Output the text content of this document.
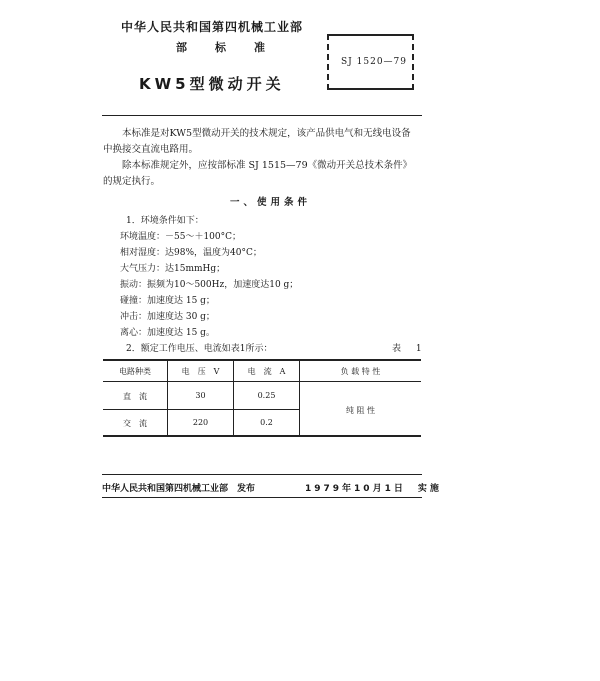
中华人民共和国第四机械工业部
部标准
SJ 1520—79
KW5型微动开关

本标准是对KW5型微动开关的技术规定，该产品供电气和无线电设备中换接交直流电路用。

除本标准规定外，应按部标准 SJ 1515—79《微动开关总技术条件》的规定执行。

一、使用条件
1．环境条件如下：
环境温度：－55～＋100°C；
相对湿度：达98%，温度为40°C；
大气压力：达15mmHg；
振动：振频为10～500Hz，加速度达10 g；
碰撞：加速度达 15 g；
冲击：加速度达 30 g；
离心：加速度达 15 g。
2．额定工作电压、电流如表1所示：	表 1
电路种类	电　压　V	电　流　A	负 载 特 性
直　流	30	0.25
交　流	220	0.2
纯 阻 性
中华人民共和国第四机械工业部　发布	1979年10月1日　实施
